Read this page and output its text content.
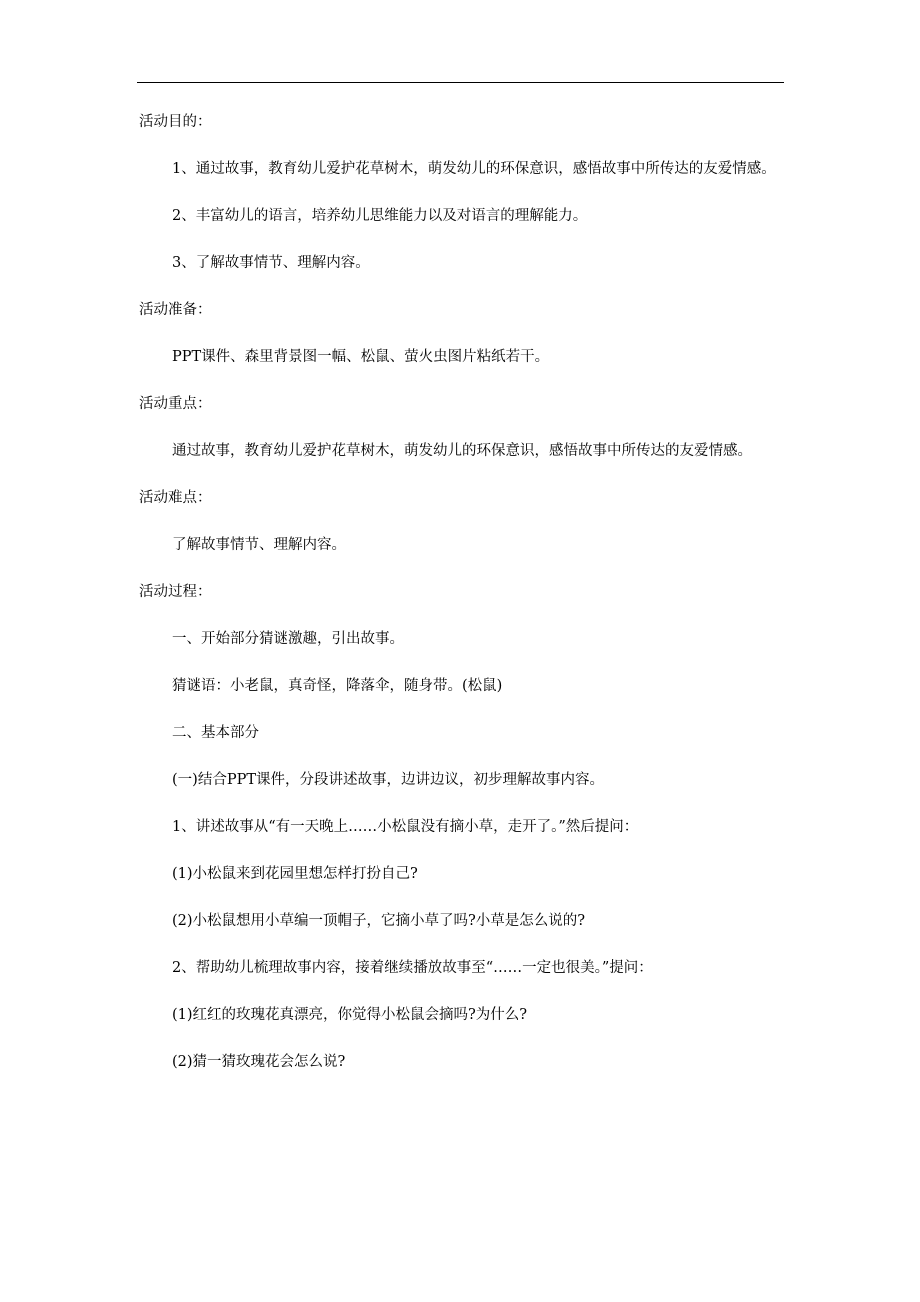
活动目的：

1、通过故事，教育幼儿爱护花草树木，萌发幼儿的环保意识，感悟故事中所传达的友爱情感。

2、丰富幼儿的语言，培养幼儿思维能力以及对语言的理解能力。

3、了解故事情节、理解内容。

活动准备：

PPT课件、森里背景图一幅、松鼠、萤火虫图片粘纸若干。

活动重点：

通过故事，教育幼儿爱护花草树木，萌发幼儿的环保意识，感悟故事中所传达的友爱情感。

活动难点：

了解故事情节、理解内容。

活动过程：

一、开始部分猜谜激趣，引出故事。

猜谜语：小老鼠，真奇怪，降落伞，随身带。(松鼠)

二、基本部分

(一)结合PPT课件，分段讲述故事，边讲边议，初步理解故事内容。

1、讲述故事从“有一天晚上……小松鼠没有摘小草，走开了。”然后提问：

(1)小松鼠来到花园里想怎样打扮自己?

(2)小松鼠想用小草编一顶帽子，它摘小草了吗?小草是怎么说的?

2、帮助幼儿梳理故事内容，接着继续播放故事至“……一定也很美。”提问：

(1)红红的玫瑰花真漂亮，你觉得小松鼠会摘吗?为什么?

(2)猜一猜玫瑰花会怎么说?
